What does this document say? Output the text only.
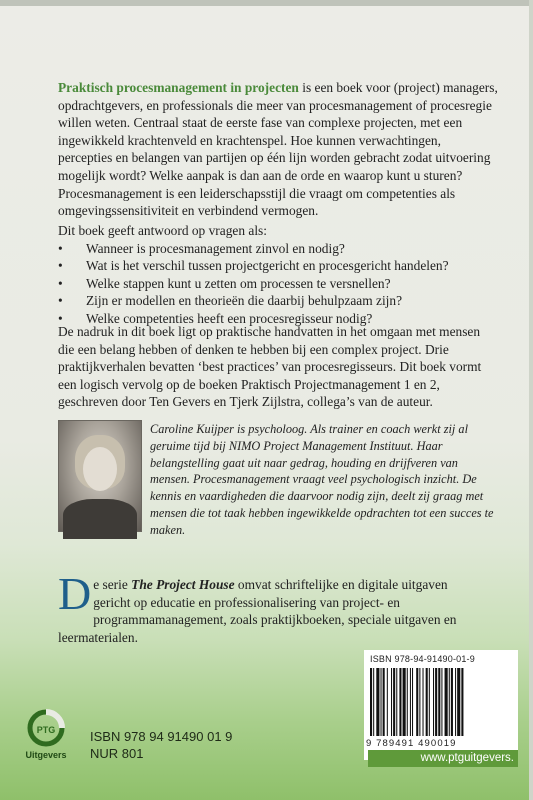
Praktisch procesmanagement in projecten is een boek voor (project) managers, opdrachtgevers, en professionals die meer van procesmanagement of procesregie willen weten. Centraal staat de eerste fase van complexe projecten, met een ingewikkeld krachtenveld en krachtenspel. Hoe kunnen verwachtingen, percepties en belangen van partijen op één lijn worden gebracht zodat uitvoering mogelijk wordt? Welke aanpak is dan aan de orde en waarop kunt u sturen? Procesmanagement is een leiderschapsstijl die vraagt om competenties als omgevingssensitiviteit en verbindend vermogen.
Dit boek geeft antwoord op vragen als:
• Wanneer is procesmanagement zinvol en nodig?
• Wat is het verschil tussen projectgericht en procesgericht handelen?
• Welke stappen kunt u zetten om processen te versnellen?
• Zijn er modellen en theorieën die daarbij behulpzaam zijn?
• Welke competenties heeft een procesregisseur nodig?
De nadruk in dit boek ligt op praktische handvatten in het omgaan met mensen die een belang hebben of denken te hebben bij een complex project. Drie praktijkverhalen bevatten ‘best practices’ van procesregisseurs. Dit boek vormt een logisch vervolg op de boeken Praktisch Projectmanagement 1 en 2, geschreven door Ten Gevers en Tjerk Zijlstra, collega’s van de auteur.
Caroline Kuijper is psycholoog. Als trainer en coach werkt zij al geruime tijd bij NIMO Project Management Instituut. Haar belangstelling gaat uit naar gedrag, houding en drijfveren van mensen. Procesmanagement vraagt veel psychologisch inzicht. De kennis en vaardigheden die daarvoor nodig zijn, deelt zij graag met mensen die tot taak hebben ingewikkelde opdrachten tot een succes te maken.
De serie The Project House omvat schriftelijke en digitale uitgaven gericht op educatie en professionalisering van project- en programmamanagement, zoals praktijkboeken, speciale uitgaven en leermaterialen.
ISBN 978-94-91490-01-9
9 789491 490019
www.ptguitgevers.
PTG
Uitgevers
ISBN 978 94 91490 01 9
NUR 801
